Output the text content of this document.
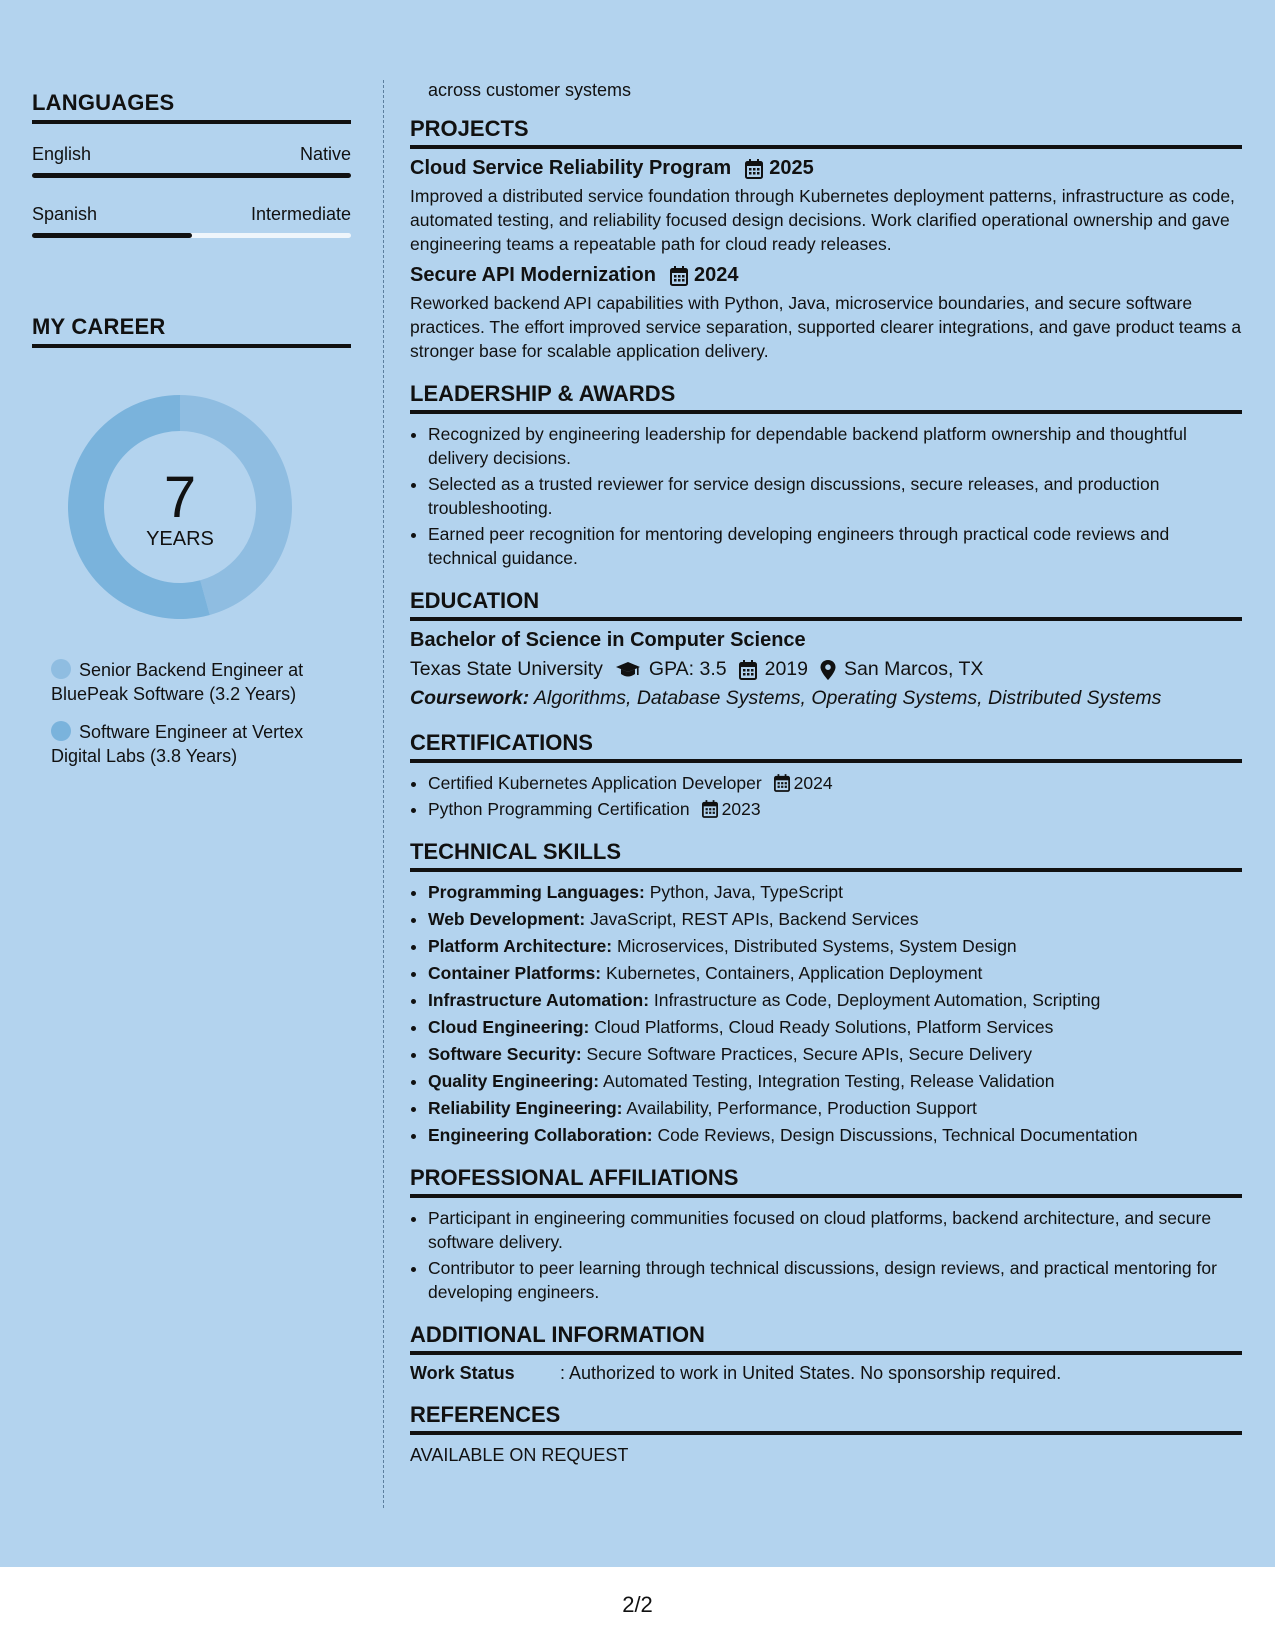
LANGUAGES
English	Native
Spanish	Intermediate
MY CAREER
7
YEARS
Senior Backend Engineer at BluePeak Software (3.2 Years)
Software Engineer at Vertex Digital Labs (3.8 Years)
across customer systems
PROJECTS
Cloud Service Reliability Program 2025
Improved a distributed service foundation through Kubernetes deployment patterns, infrastructure as code, automated testing, and reliability focused design decisions. Work clarified operational ownership and gave engineering teams a repeatable path for cloud ready releases.
Secure API Modernization 2024
Reworked backend API capabilities with Python, Java, microservice boundaries, and secure software practices. The effort improved service separation, supported clearer integrations, and gave product teams a stronger base for scalable application delivery.
LEADERSHIP & AWARDS
• Recognized by engineering leadership for dependable backend platform ownership and thoughtful delivery decisions.
• Selected as a trusted reviewer for service design discussions, secure releases, and production troubleshooting.
• Earned peer recognition for mentoring developing engineers through practical code reviews and technical guidance.
EDUCATION
Bachelor of Science in Computer Science
Texas State University GPA: 3.5 2019 San Marcos, TX
Coursework: Algorithms, Database Systems, Operating Systems, Distributed Systems
CERTIFICATIONS
• Certified Kubernetes Application Developer 2024
• Python Programming Certification 2023
TECHNICAL SKILLS
• Programming Languages: Python, Java, TypeScript
• Web Development: JavaScript, REST APIs, Backend Services
• Platform Architecture: Microservices, Distributed Systems, System Design
• Container Platforms: Kubernetes, Containers, Application Deployment
• Infrastructure Automation: Infrastructure as Code, Deployment Automation, Scripting
• Cloud Engineering: Cloud Platforms, Cloud Ready Solutions, Platform Services
• Software Security: Secure Software Practices, Secure APIs, Secure Delivery
• Quality Engineering: Automated Testing, Integration Testing, Release Validation
• Reliability Engineering: Availability, Performance, Production Support
• Engineering Collaboration: Code Reviews, Design Discussions, Technical Documentation
PROFESSIONAL AFFILIATIONS
• Participant in engineering communities focused on cloud platforms, backend architecture, and secure software delivery.
• Contributor to peer learning through technical discussions, design reviews, and practical mentoring for developing engineers.
ADDITIONAL INFORMATION
Work Status	: Authorized to work in United States. No sponsorship required.
REFERENCES
AVAILABLE ON REQUEST
2/2
